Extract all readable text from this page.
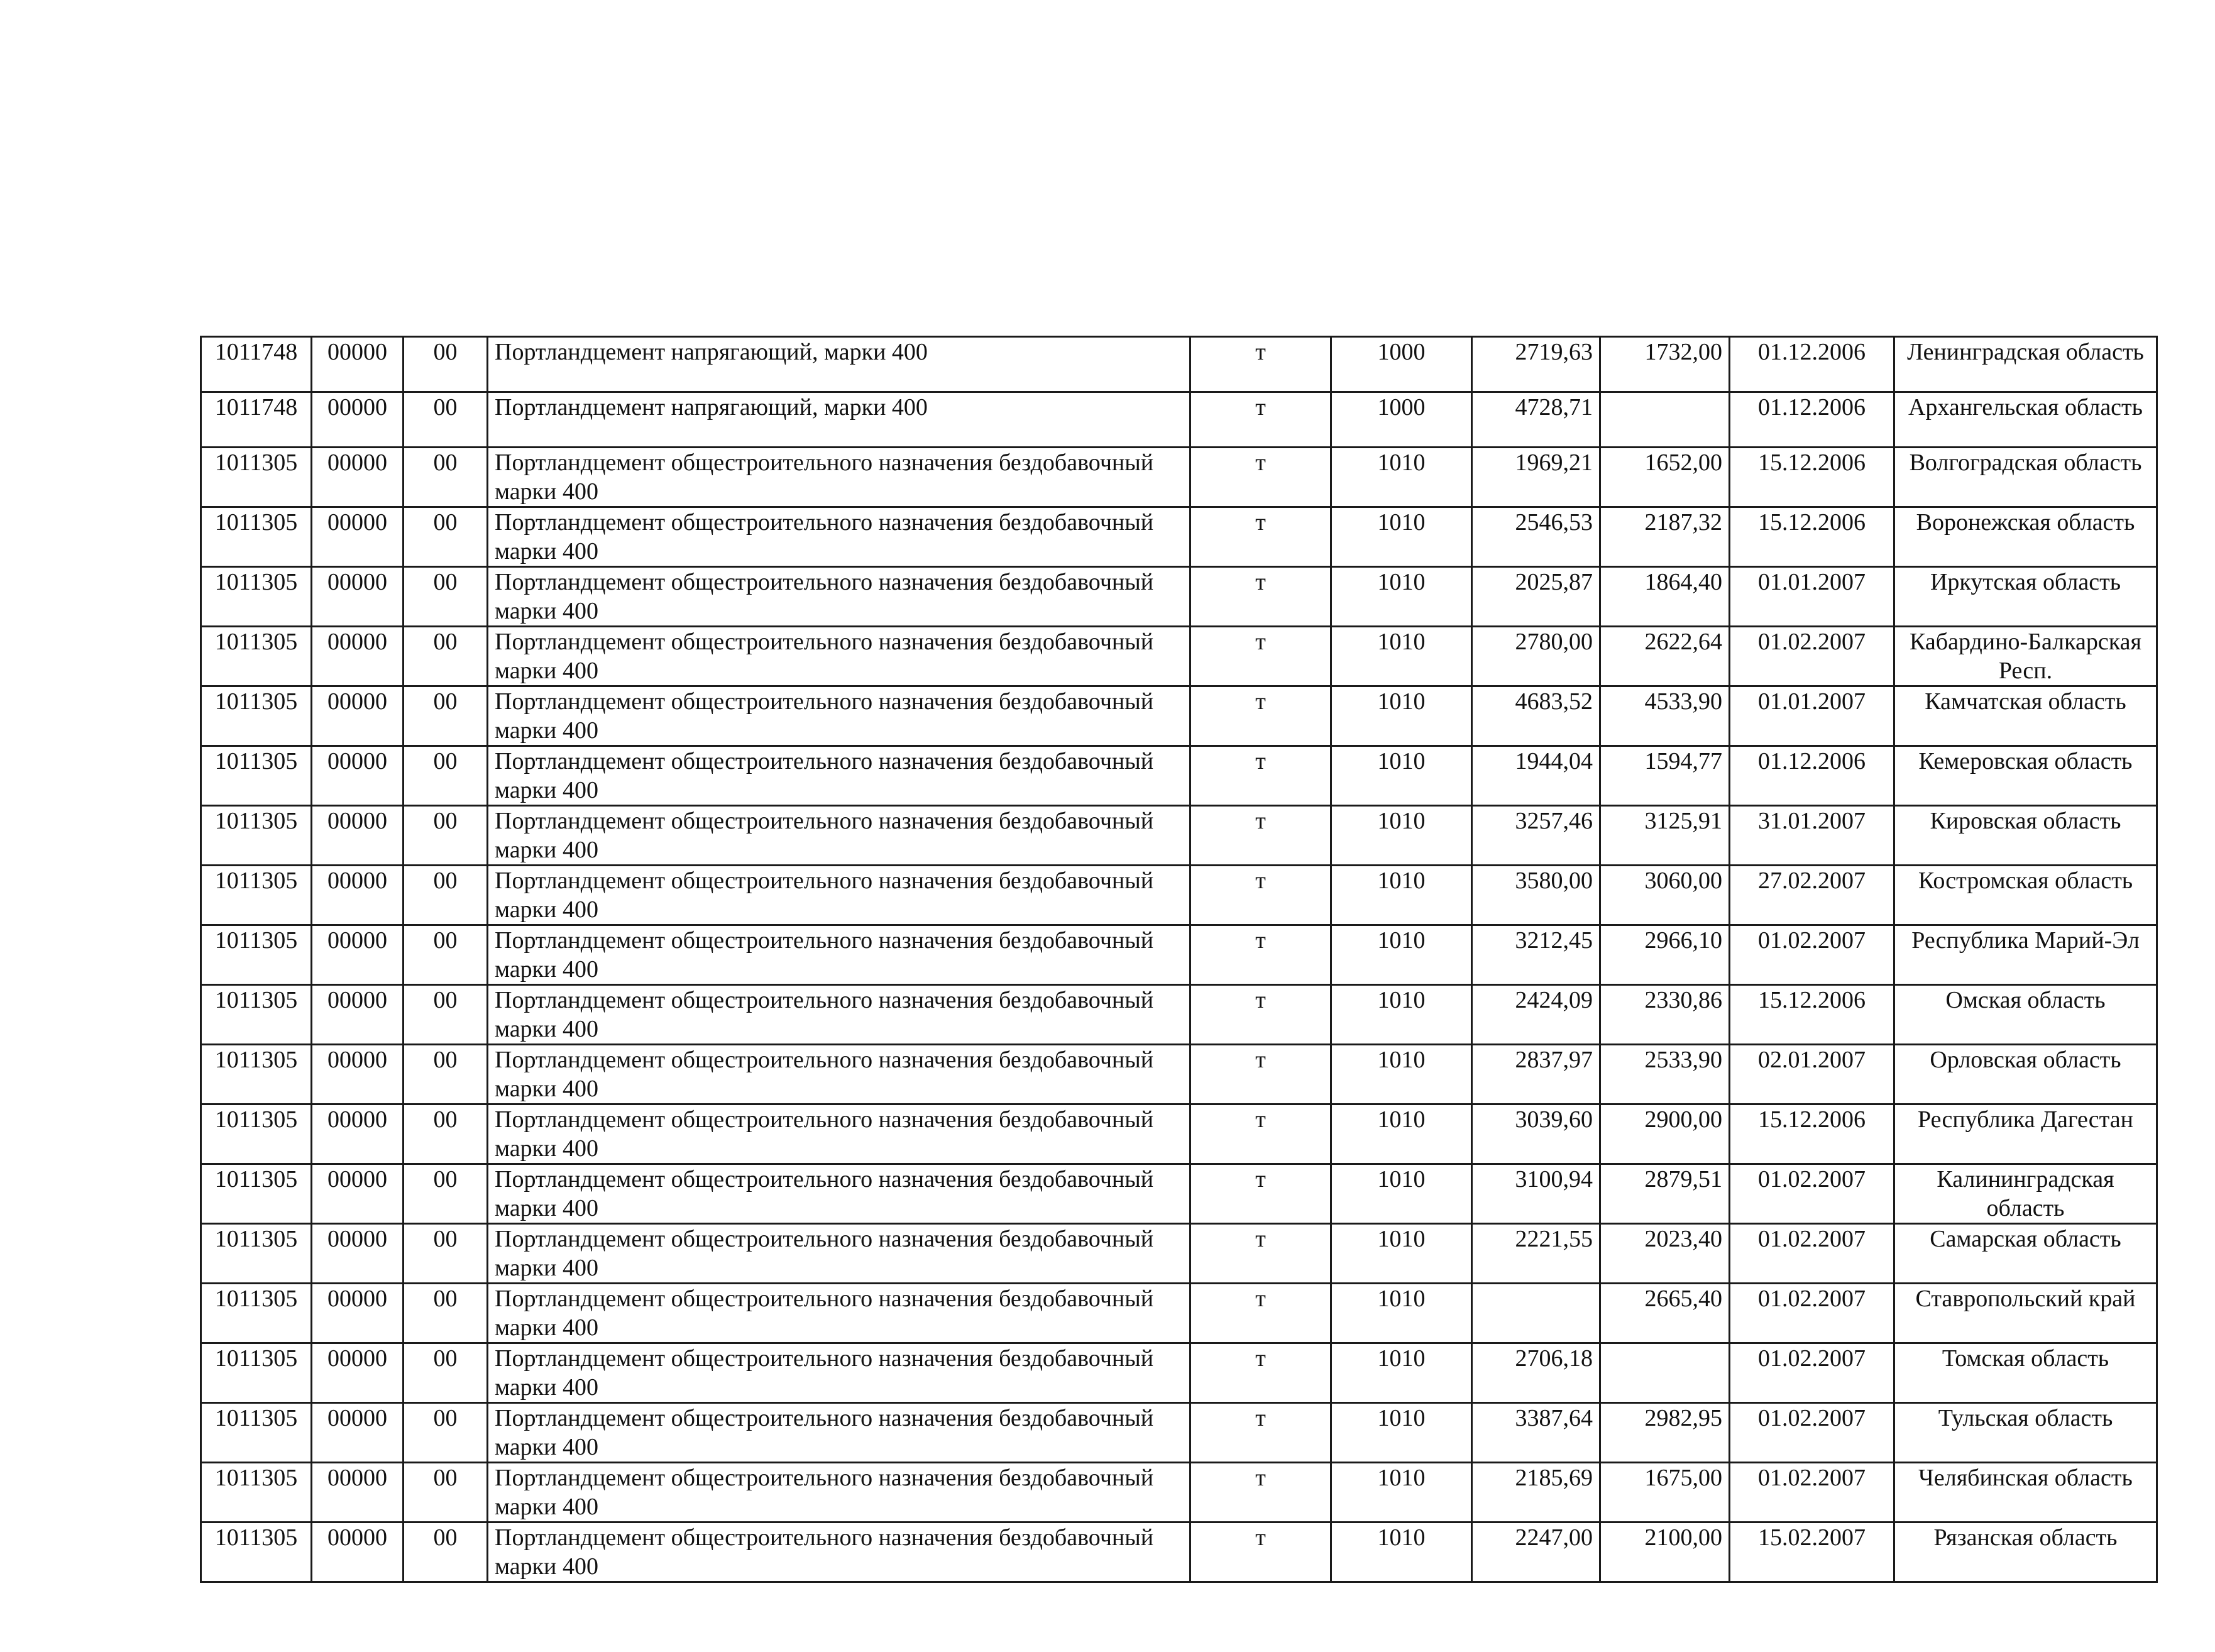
1011748	00000	00	Портландцемент напрягающий, марки 400	т	1000	2719,63	1732,00	01.12.2006	Ленинградская область
1011748	00000	00	Портландцемент напрягающий, марки 400	т	1000	4728,71		01.12.2006	Архангельская область
1011305	00000	00	Портландцемент общестроительного назначения бездобавочный марки 400	т	1010	1969,21	1652,00	15.12.2006	Волгоградская область
1011305	00000	00	Портландцемент общестроительного назначения бездобавочный марки 400	т	1010	2546,53	2187,32	15.12.2006	Воронежская область
1011305	00000	00	Портландцемент общестроительного назначения бездобавочный марки 400	т	1010	2025,87	1864,40	01.01.2007	Иркутская область
1011305	00000	00	Портландцемент общестроительного назначения бездобавочный марки 400	т	1010	2780,00	2622,64	01.02.2007	Кабардино-Балкарская Респ.
1011305	00000	00	Портландцемент общестроительного назначения бездобавочный марки 400	т	1010	4683,52	4533,90	01.01.2007	Камчатская область
1011305	00000	00	Портландцемент общестроительного назначения бездобавочный марки 400	т	1010	1944,04	1594,77	01.12.2006	Кемеровская область
1011305	00000	00	Портландцемент общестроительного назначения бездобавочный марки 400	т	1010	3257,46	3125,91	31.01.2007	Кировская область
1011305	00000	00	Портландцемент общестроительного назначения бездобавочный марки 400	т	1010	3580,00	3060,00	27.02.2007	Костромская область
1011305	00000	00	Портландцемент общестроительного назначения бездобавочный марки 400	т	1010	3212,45	2966,10	01.02.2007	Республика Марий-Эл
1011305	00000	00	Портландцемент общестроительного назначения бездобавочный марки 400	т	1010	2424,09	2330,86	15.12.2006	Омская область
1011305	00000	00	Портландцемент общестроительного назначения бездобавочный марки 400	т	1010	2837,97	2533,90	02.01.2007	Орловская область
1011305	00000	00	Портландцемент общестроительного назначения бездобавочный марки 400	т	1010	3039,60	2900,00	15.12.2006	Республика Дагестан
1011305	00000	00	Портландцемент общестроительного назначения бездобавочный марки 400	т	1010	3100,94	2879,51	01.02.2007	Калининградская область
1011305	00000	00	Портландцемент общестроительного назначения бездобавочный марки 400	т	1010	2221,55	2023,40	01.02.2007	Самарская область
1011305	00000	00	Портландцемент общестроительного назначения бездобавочный марки 400	т	1010		2665,40	01.02.2007	Ставропольский край
1011305	00000	00	Портландцемент общестроительного назначения бездобавочный марки 400	т	1010	2706,18		01.02.2007	Томская область
1011305	00000	00	Портландцемент общестроительного назначения бездобавочный марки 400	т	1010	3387,64	2982,95	01.02.2007	Тульская область
1011305	00000	00	Портландцемент общестроительного назначения бездобавочный марки 400	т	1010	2185,69	1675,00	01.02.2007	Челябинская область
1011305	00000	00	Портландцемент общестроительного назначения бездобавочный марки 400	т	1010	2247,00	2100,00	15.02.2007	Рязанская область
